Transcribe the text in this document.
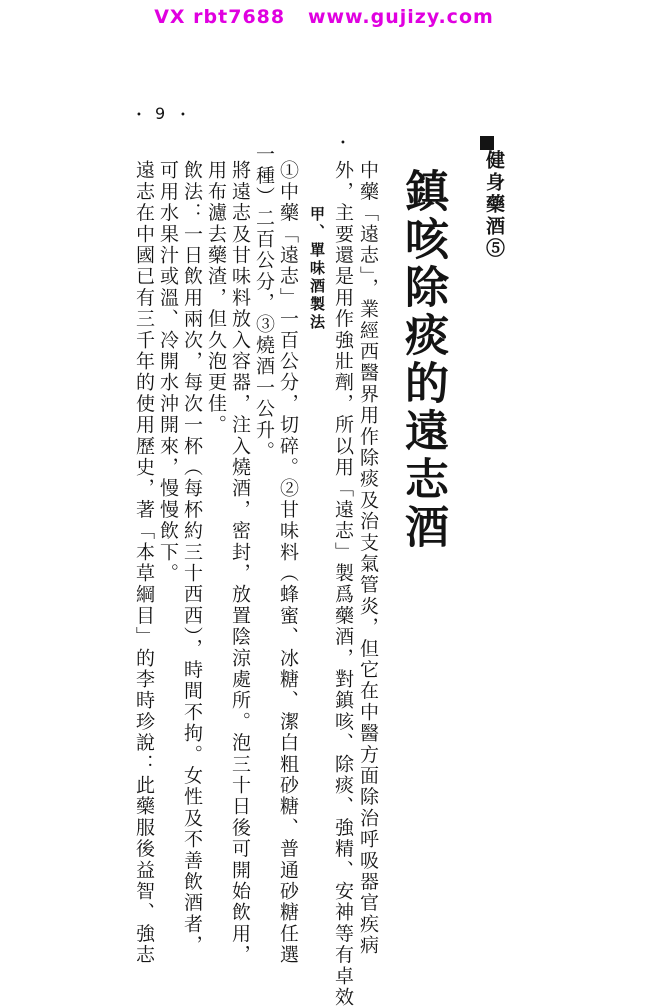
VX rbt7688   www.gujizy.com
• 9 •
健身藥酒⑤
鎮咳除痰的遠志酒
•
中藥「遠志」，業經西醫界用作除痰及治支氣管炎，但它在中醫方面除治呼吸器官疾病
外，主要還是用作強壯劑，所以用「遠志」製爲藥酒，對鎮咳、除痰、強精、安神等有卓效
甲、單味酒製法
①中藥「遠志」一百公分，切碎。②甘味料（蜂蜜、冰糖、潔白粗砂糖、普通砂糖任選
一種）二百公分，③燒酒一公升。
將遠志及甘味料放入容器，注入燒酒，密封，放置陰涼處所。泡三十日後可開始飲用，
用布濾去藥渣，但久泡更佳。
飲法：一日飲用兩次，每次一杯（每杯約三十西西），時間不拘。女性及不善飲酒者，
可用水果汁或溫、冷開水沖開來，慢慢飲下。
遠志在中國已有三千年的使用歷史，著「本草綱目」的李時珍說：此藥服後益智、強志
